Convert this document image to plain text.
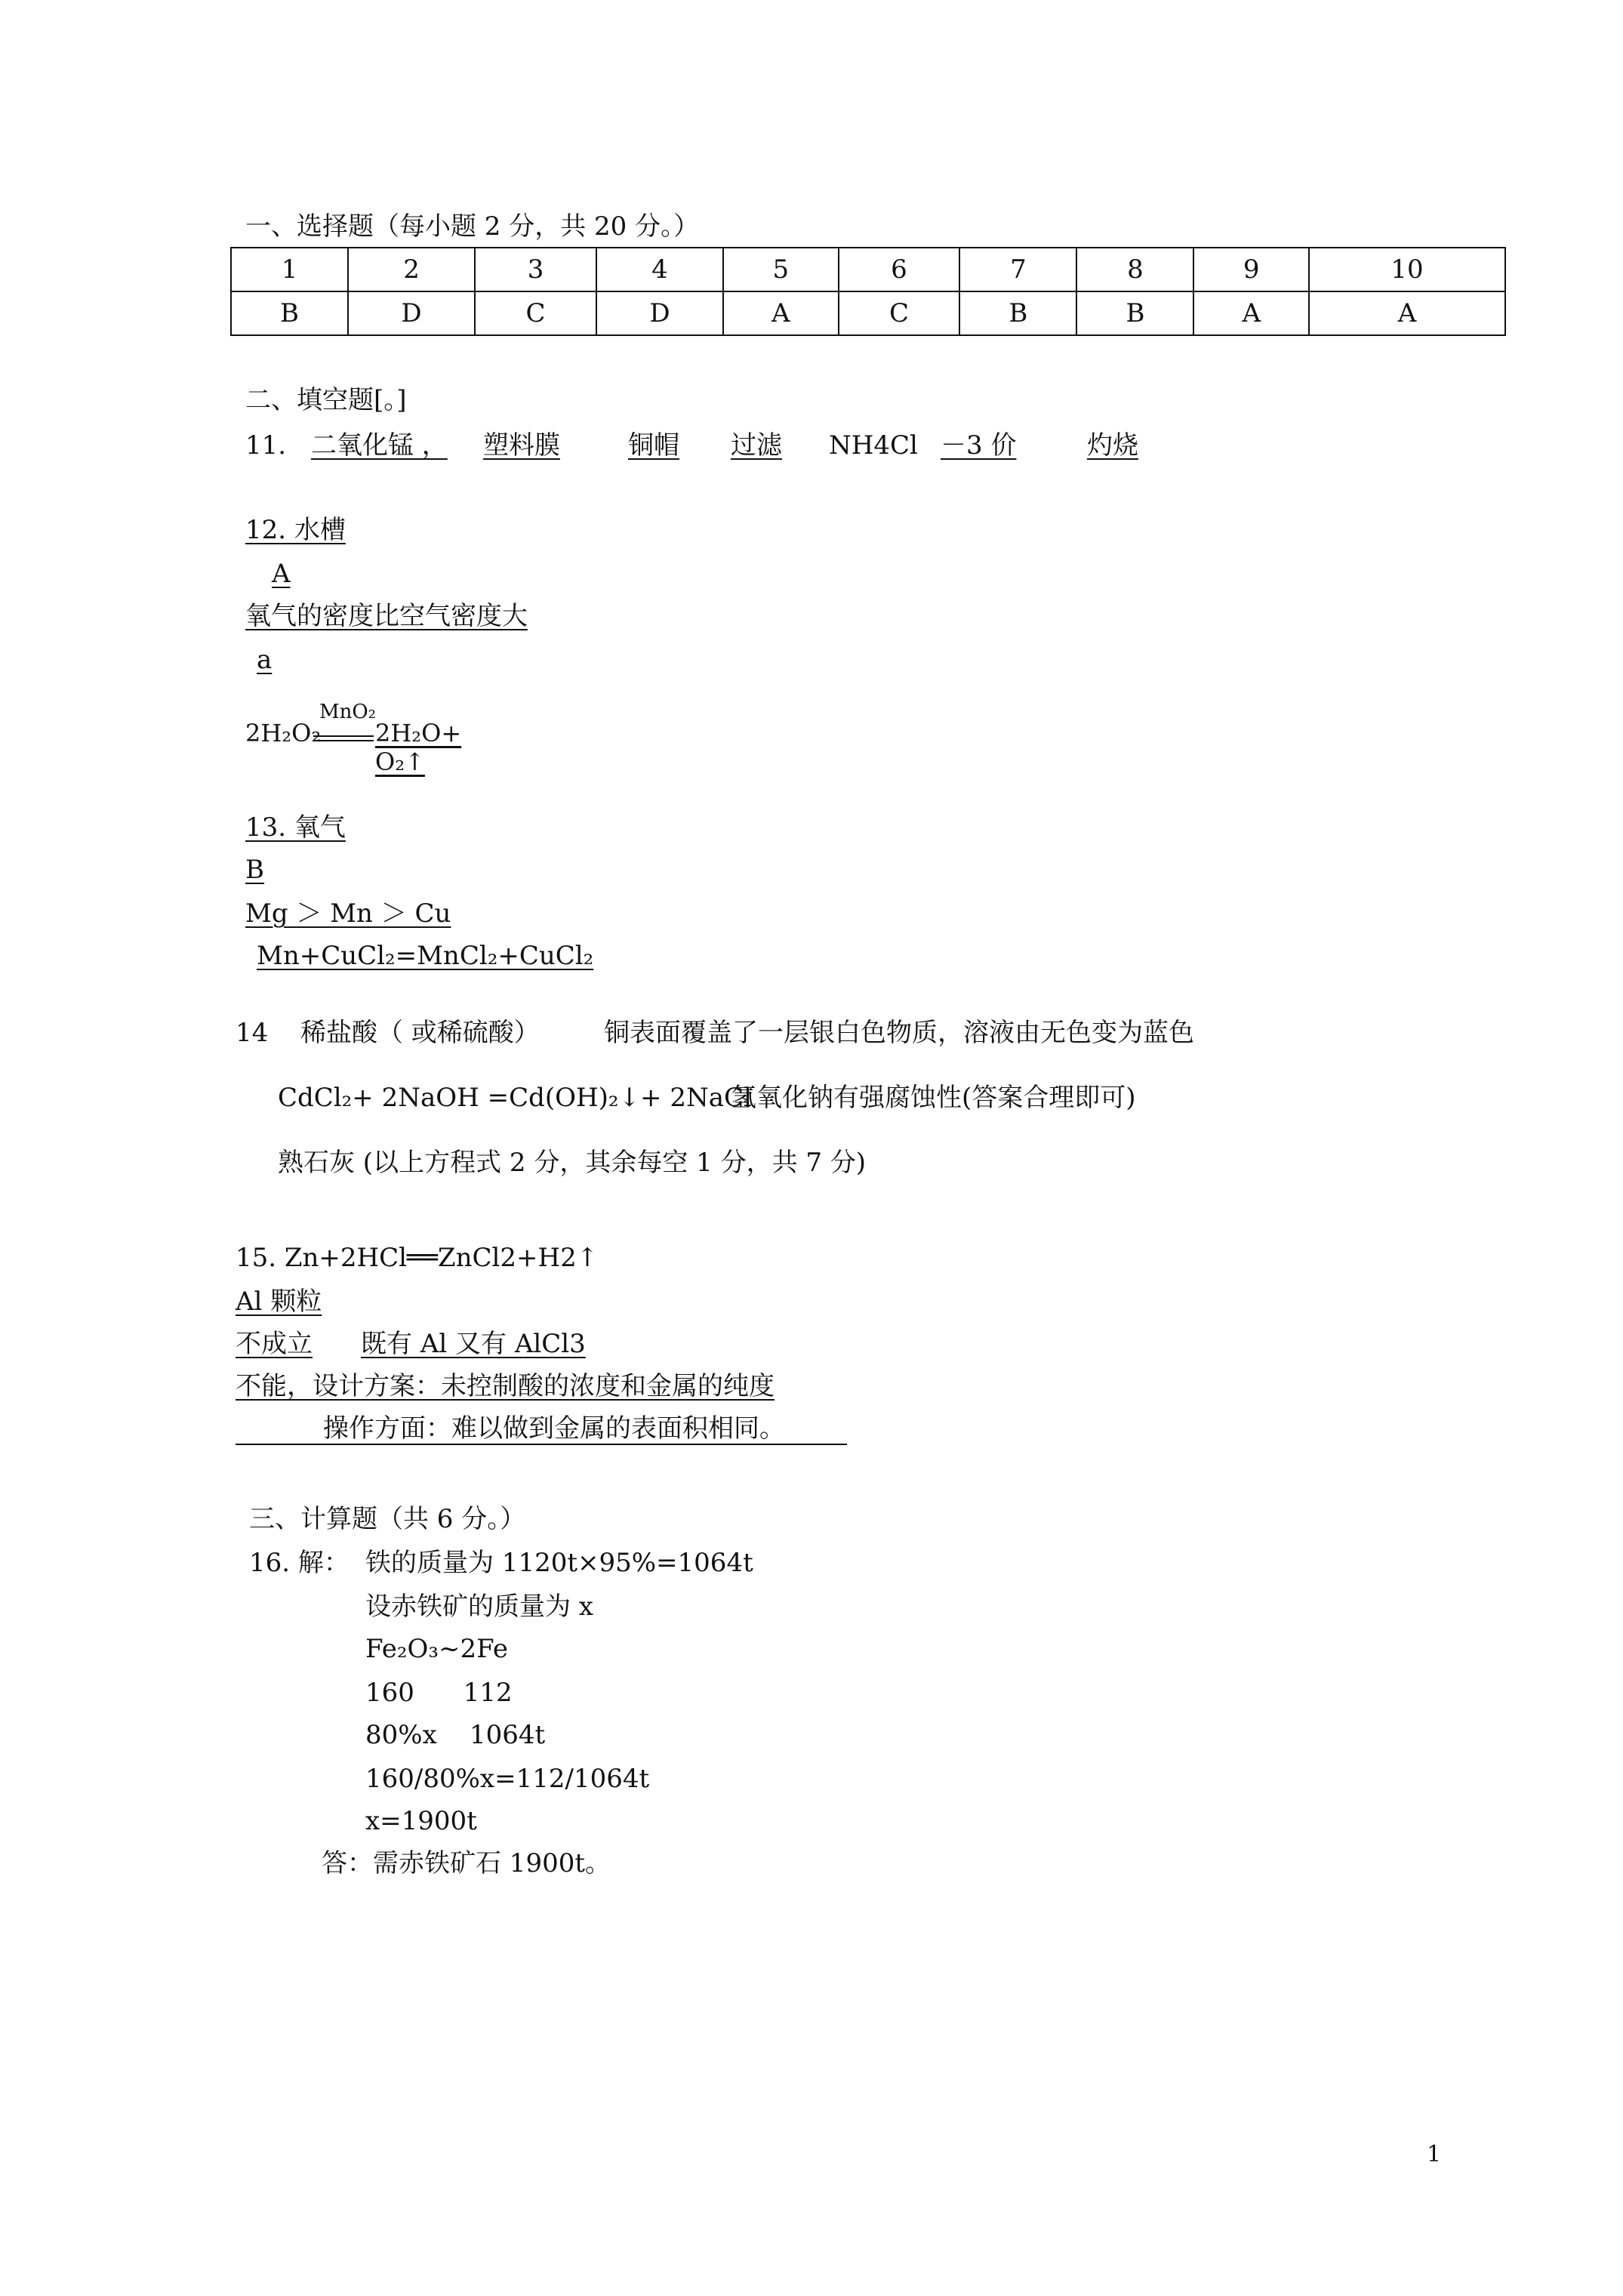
一、选择题（每小题 2 分，共 20 分。）
1	2	3	4	5	6	7	8	9	10
B	D	C	D	A	C	B	B	A	A
二、填空题[。]
11. 二氧化锰 ， 塑料膜	铜帽 过滤 NH4Cl －3 价	灼烧
12. 水槽
A
氧气的密度比空气密度大
a
MnO₂
2H₂O₂ 2H₂O+ O₂↑
13. 氧气
B
Mg ＞ Mn ＞ Cu
Mn+CuCl₂=MnCl₂+CuCl₂
14 稀盐酸（ 或稀硫酸）	铜表面覆盖了一层银白色物质，溶液由无色变为蓝色
CdCl₂+ 2NaOH =Cd(OH)₂↓+ 2NaCl
氢氧化钠有强腐蚀性(答案合理即可)
熟石灰 (以上方程式 2 分，其余每空 1 分，共 7 分)
15. Zn+2HCl══ZnCl2+H2↑
Al 颗粒
不成立 既有 Al 又有 AlCl3
不能，设计方案：未控制酸的浓度和金属的纯度
操作方面：难以做到金属的表面积相同。
三、计算题（共 6 分。）
16. 解： 铁的质量为 1120t×95%=1064t
设赤铁矿的质量为 x
Fe₂O₃~2Fe
160      112
80%x    1064t
160/80%x=112/1064t
x=1900t
答：需赤铁矿石 1900t。
1
